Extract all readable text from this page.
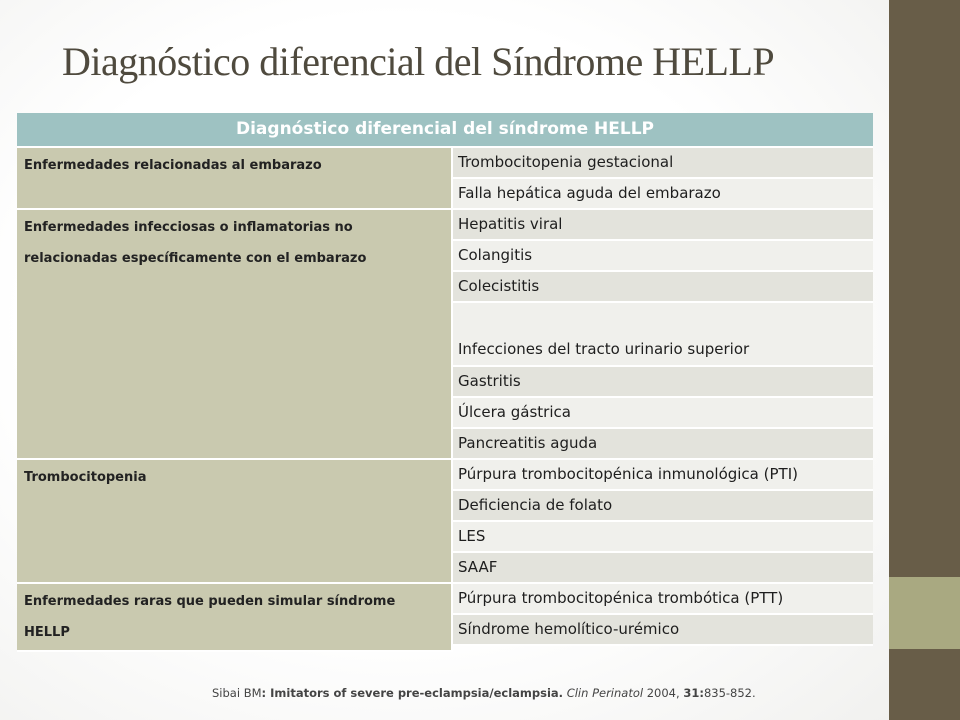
Diagnóstico diferencial del Síndrome HELLP
Diagnóstico diferencial del síndrome HELLP
Enfermedades relacionadas al embarazo	Trombocitopenia gestacional
Falla hepática aguda del embarazo
Enfermedades infecciosas o inflamatorias no relacionadas específicamente con el embarazo
Hepatitis viral
Colangitis
Colecistitis
Infecciones del tracto urinario superior
Gastritis
Úlcera gástrica
Pancreatitis aguda
Trombocitopenia	Púrpura trombocitopénica inmunológica (PTI)
Deficiencia de folato
LES
SAAF
Enfermedades raras que pueden simular síndrome HELLP
Púrpura trombocitopénica trombótica (PTT)
Síndrome hemolítico-urémico
Sibai BM: Imitators of severe pre-eclampsia/eclampsia. Clin Perinatol 2004, 31:835-852.
